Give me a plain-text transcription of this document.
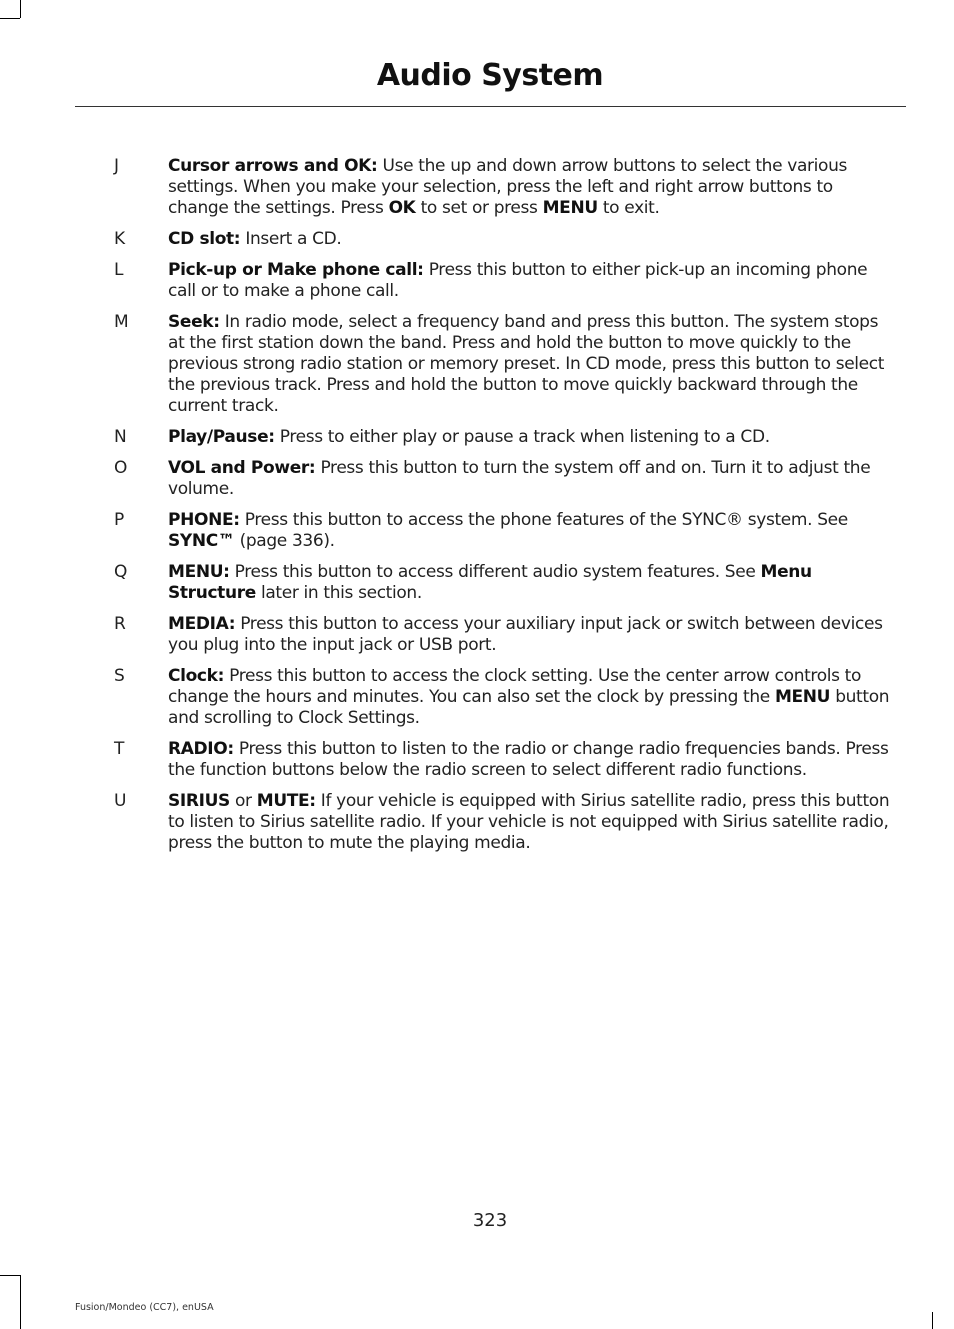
Audio System
J	Cursor arrows and OK: Use the up and down arrow buttons to select the various settings. When you make your selection, press the left and right arrow buttons to change the settings. Press OK to set or press MENU to exit.
K	CD slot: Insert a CD.
L	Pick-up or Make phone call: Press this button to either pick-up an incoming phone call or to make a phone call.
M Seek: In radio mode, select a frequency band and press this button. The system stops at the first station down the band. Press and hold the button to move quickly to the previous strong radio station or memory preset. In CD mode, press this button to select the previous track. Press and hold the button to move quickly backward through the current track.
N Play/Pause: Press to either play or pause a track when listening to a CD.
O VOL and Power: Press this button to turn the system off and on. Turn it to adjust the volume.
P	PHONE: Press this button to access the phone features of the SYNC® system. See SYNC™ (page 336).
Q MENU: Press this button to access different audio system features. See Menu Structure later in this section.
R MEDIA: Press this button to access your auxiliary input jack or switch between devices you plug into the input jack or USB port.
S	Clock: Press this button to access the clock setting. Use the center arrow controls to change the hours and minutes. You can also set the clock by pressing the MENU button and scrolling to Clock Settings.
T	RADIO: Press this button to listen to the radio or change radio frequencies bands. Press the function buttons below the radio screen to select different radio functions.
U SIRIUS or MUTE: If your vehicle is equipped with Sirius satellite radio, press this button to listen to Sirius satellite radio. If your vehicle is not equipped with Sirius satellite radio, press the button to mute the playing media.
323
Fusion/Mondeo (CC7), enUSA
